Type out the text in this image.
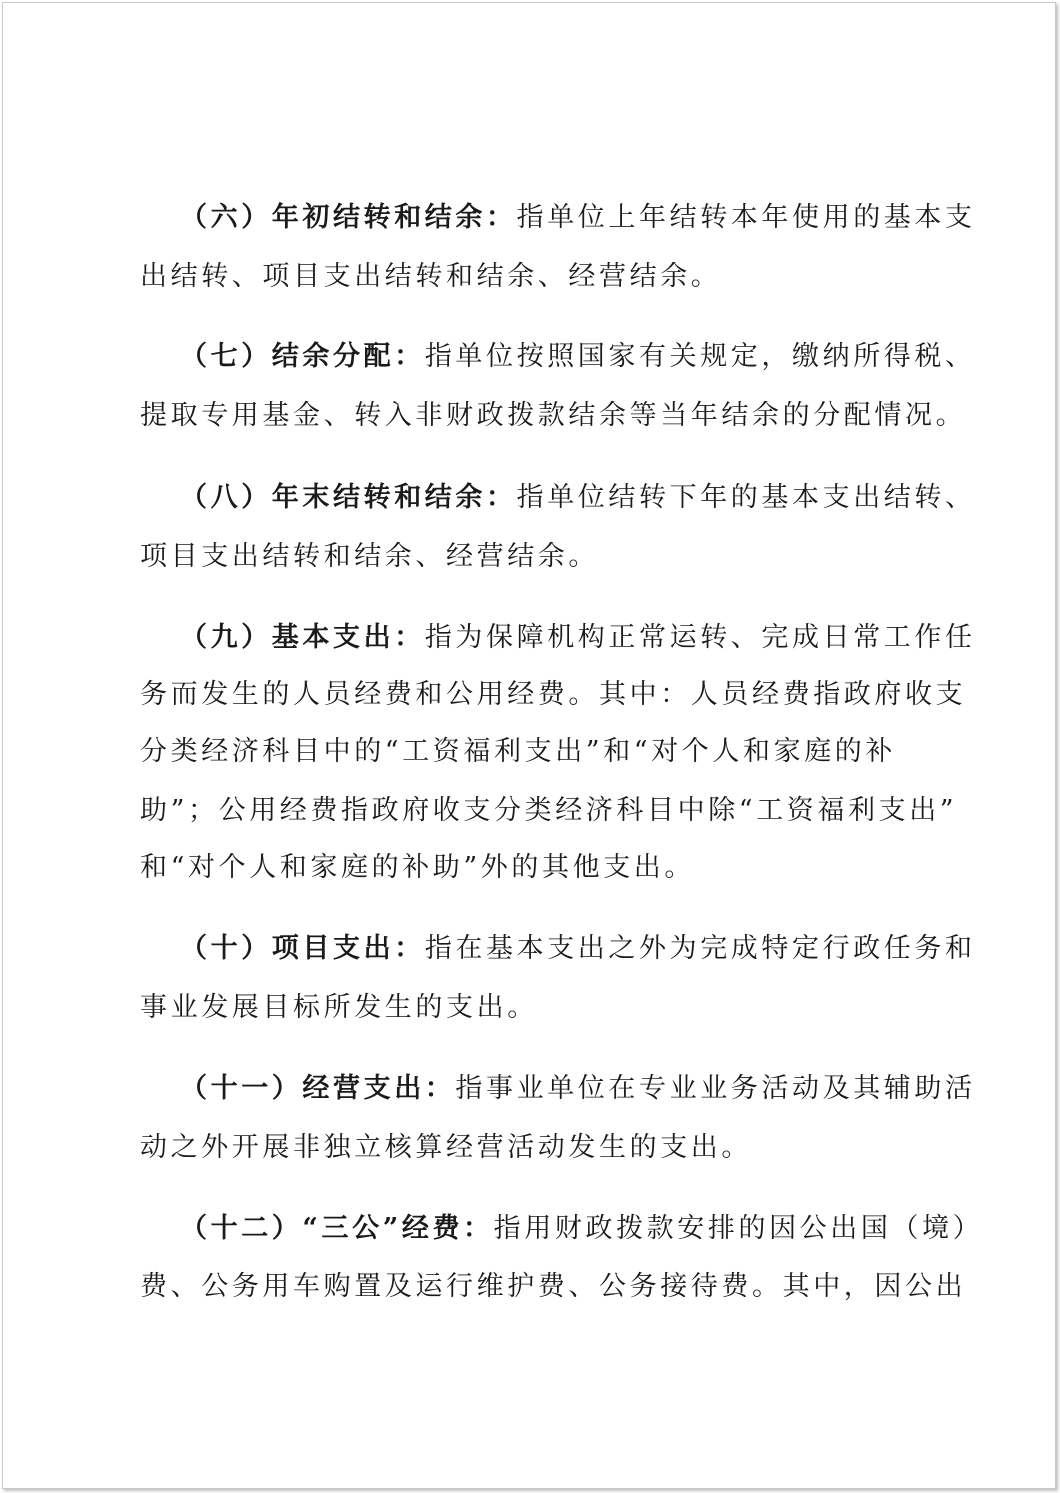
（六）年初结转和结余：指单位上年结转本年使用的基本支
出结转、项目支出结转和结余、经营结余。
（七）结余分配：指单位按照国家有关规定，缴纳所得税、
提取专用基金、转入非财政拨款结余等当年结余的分配情况。
（八）年末结转和结余：指单位结转下年的基本支出结转、
项目支出结转和结余、经营结余。
（九）基本支出：指为保障机构正常运转、完成日常工作任
务而发生的人员经费和公用经费。其中：人员经费指政府收支
分类经济科目中的“工资福利支出”和“对个人和家庭的补
助”；公用经费指政府收支分类经济科目中除“工资福利支出”
和“对个人和家庭的补助”外的其他支出。
（十）项目支出：指在基本支出之外为完成特定行政任务和
事业发展目标所发生的支出。
（十一）经营支出：指事业单位在专业业务活动及其辅助活
动之外开展非独立核算经营活动发生的支出。
（十二）“三公”经费：指用财政拨款安排的因公出国（境）
费、公务用车购置及运行维护费、公务接待费。其中，因公出
